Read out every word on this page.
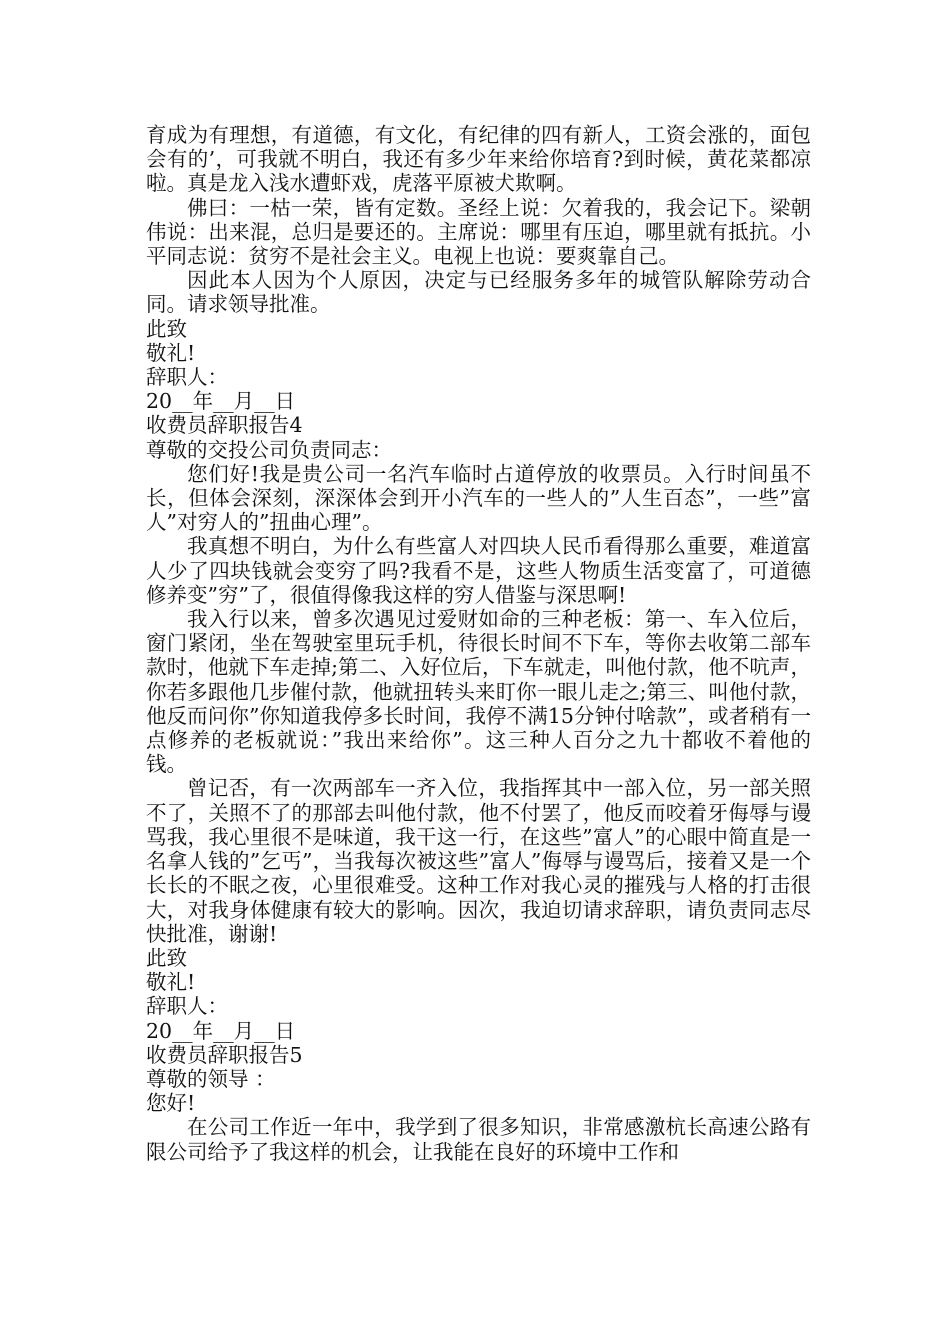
育成为有理想，有道德，有文化，有纪律的四有新人，工资会涨的，面包会有的’，可我就不明白，我还有多少年来给你培育?到时候，黄花菜都凉啦。真是龙入浅水遭虾戏，虎落平原被犬欺啊。

佛曰：一枯一荣，皆有定数。圣经上说：欠着我的，我会记下。梁朝伟说：出来混，总归是要还的。主席说：哪里有压迫，哪里就有抵抗。小平同志说：贫穷不是社会主义。电视上也说：要爽靠自己。

因此本人因为个人原因，决定与已经服务多年的城管队解除劳动合同。请求领导批准。

此致

敬礼!

辞职人：

20__年__月__日

收费员辞职报告4

尊敬的交投公司负责同志：

您们好!我是贵公司一名汽车临时占道停放的收票员。入行时间虽不长，但体会深刻，深深体会到开小汽车的一些人的”人生百态”，一些”富人”对穷人的”扭曲心理”。

我真想不明白，为什么有些富人对四块人民币看得那么重要，难道富人少了四块钱就会变穷了吗?我看不是，这些人物质生活变富了，可道德修养变”穷”了，很值得像我这样的穷人借鉴与深思啊!

我入行以来，曾多次遇见过爱财如命的三种老板：第一、车入位后，窗门紧闭，坐在驾驶室里玩手机，待很长时间不下车，等你去收第二部车款时，他就下车走掉;第二、入好位后，下车就走，叫他付款，他不吭声，你若多跟他几步催付款，他就扭转头来盯你一眼儿走之;第三、叫他付款，他反而问你”你知道我停多长时间，我停不满15分钟付啥款”，或者稍有一点修养的老板就说：”我出来给你”。这三种人百分之九十都收不着他的钱。

曾记否，有一次两部车一齐入位，我指挥其中一部入位，另一部关照不了，关照不了的那部去叫他付款，他不付罢了，他反而咬着牙侮辱与谩骂我，我心里很不是味道，我干这一行，在这些”富人”的心眼中简直是一名拿人钱的”乞丐”，当我每次被这些”富人”侮辱与谩骂后，接着又是一个长长的不眠之夜，心里很难受。这种工作对我心灵的摧残与人格的打击很大，对我身体健康有较大的影响。因次，我迫切请求辞职，请负责同志尽快批准，谢谢!

此致

敬礼!

辞职人：

20__年__月__日

收费员辞职报告5

尊敬的领导 ：

您好!

在公司工作近一年中，我学到了很多知识，非常感激杭长高速公路有限公司给予了我这样的机会，让我能在良好的环境中工作和
